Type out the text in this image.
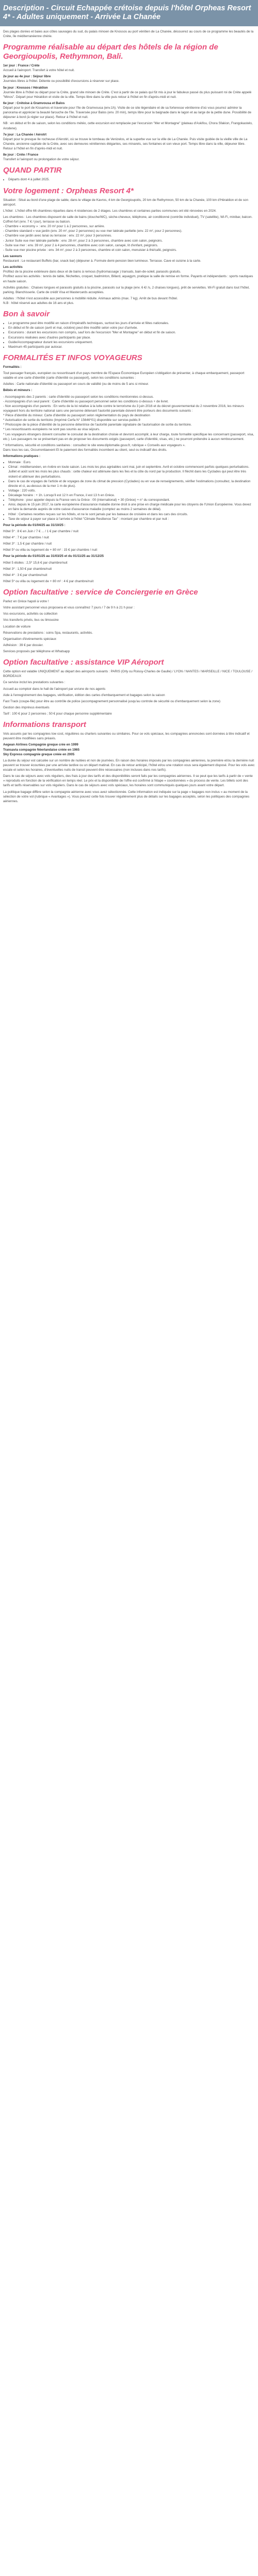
Description - Circuit Echappée crétoise depuis l'hôtel Orpheas Resort 4* - Adultes uniquement - Arrivée La Chanée

Des plages dorées et baies aux côtes sauvages du sud, du palais minoen de Knossos au port vénitien de La Chanée, découvrez au cours de ce programme les beautés de la Crète, île méditerranéenne chérie.

Programme réalisable au départ des hôtels de la région de Georgioupolis, Rethymnon, Bali.

1er jour : France / Crète
Accueil à l'aéroport. Transfert à votre hôtel et nuit.

2e jour au 4e jour : Séjour libre
Journées libres à l'hôtel. Détente ou possibilité d'excursions à réserver sur place.

5e jour : Knossos / Héraklion
Journée libre à l'hôtel ou départ pour la Crète, grand site minoen de Crète. C'est à partir de ce palais qui fût mis à jour le fabuleux passé du plus puissant roi de Crète appelé "Minos". Départ pour Héraklion et visite de la ville. Temps libre dans la ville puis retour à l'hôtel en fin d'après-midi et nuit.

6e jour : Crétoise à Gramvousa et Balos
Départ pour le port de Kissamos et traversée pour l'île de Gramvousa (env.1h). Visite de ce site légendaire et de sa forteresse vénitienne d'où vous pourrez admirer la panorama et apprécier la beauté farouche de l'île. Traversée pour Balos (env. 20 min), temps libre pour la baignade dans le lagon et au large de la petite dune. Possibilité de déjeuner à bord (à régler sur place). Retour à l'hôtel et nuit.

NB : en début et fin de saison, selon les conditions météo, cette excursion est remplacée par l'excursion "Mer et Montagne" (plateau d'Askifou, Chora Sfakion, Frangokastelo, Arodene).

7e jour : La Chanée / Aérotrt
Départ pour le presque Ile rocheuse d'Akrotiri, où se trouve le tombeau de Venizelos, et la superbe vue sur la ville de La Chanée. Puis visite guidée de la vieille ville de La Chanée, ancienne capitale de la Crète, avec ses demeures vénitiennes élégantes, ses minarets, ses fontaines et son vieux port. Temps libre dans la ville, déjeuner libre. Retour à l'hôtel en fin d'après-midi et nuit.

8e jour : Crète / France
Transfert à l'aéroport ou prolongation de votre séjour.

QUAND PARTIR
• Départs dont 4 à juillet 2025.
Votre logement : Orpheas Resort 4*

Situation : Situé au bord d'une plage de sable, dans le village de Kavros, 4 km de Georgioupolis, 20 km de Rethymnon, 50 km de la Chanée, 100 km d'Héraklion et de son aéroport.

L'hôtel : L'hôtel offre 66 chambres réparties dans 4 résidences de 2 étages. Les chambres et certaines parties communes ont été rénovées en 2024.

Les chambres : Les chambres disposent de salle de bains (douche/WC), sèche-cheveux, téléphone, air conditionné (contrôle individuel), TV (satellite), Wi-Fi, minibar, balcon. Coffret-fort (env. 7 € / jour), terrasse ou balcon.
- Chambre « economy » : env. 20 m² pour 1 à 2 personnes, sur arrière.
- Chambre standard « vue jardin (env. 20 m², pour 2 personnes) ou vue mer latérale partielle (env. 22 m², pour 2 personnes).
- Chambre vue jardin avec lanai ou terrasse : env. 22 m², pour 3 personnes.
- Junior Suite vue mer latérale partielle : env. 28 m², pour 2 à 3 personnes, chambre avec coin salon, peignoirs.
- Suite vue mer : env. 39 m², pour 2 à 4 personnes, chambre avec coin salon, canapé, lit d'enfant, peignoirs.
- Suite vue mer piscine privée : env. 34 m², pour 2 à 3 personnes, chambre et coin salon, menuisier à thé/café, peignoirs.

Les saveurs
Restaurant : Le restaurant Buffets (bar, snack bar) (déjeuner à. Formule demi-pension bien lumineux. Terrasse. Cave et cuisine à la carte.

Les activités
Profitez de la piscine extérieure dans deux et de bains à remous (hydromassage ) transats, bain-de-soleil, parasols gratuits.
Profitez aussi les activités : tennis de table, fléchettes, croquet, badminton, Billard, aquagym, pratique la salle de remise en forme. Payants et indépendants : sports nautiques en haute saison.

Activités gratuites : Chaises longues et parasols gratuits à la piscine, parasols sur la plage (env. 6 €/ /s, 2 chaises longues), prêt de serviettes. Wi-Fi gratuit dans tout l'hôtel, parking. Blanchisserie. Carte de crédit Visa et Mastercards acceptées.

Adultes : l'hôtel n'est accessible aux personnes à mobilité réduite. Animaux admis (max. 7 kg). Arrêt de bus devant l'hôtel.
N.B : hôtel réservé aux adultes de 16 ans et plus.

Bon à savoir
• Le programme peut être modifié en raison d'impératifs techniques, surtout les jours d'arrivée et fêtes nationales.
• En début et fin de saison (avril et mai, octobre) peut être modifié selon votre jour d'arrivée.
• Excursions : durant les excursions non compris, sauf lors de l'excursion "Mer et Montagne" en début et fin de saison.
• Excursions réalisées avec d'autres participants par place.
• Guide/Accompagnateur durant les excursions uniquement.
• Maximum 45 participants par autocar.
FORMALITÉS ET INFOS VOYAGEURS

Formalités :

Tout passager français, européen ou ressortissant d'un pays membre de l'Espace Économique Européen s'obligation de présenter, à chaque embarquement, passeport valable et une carte d'identité (carte d'identité ou passeport), selon les conditions suivantes :

Adultes : Carte nationale d'identité ou passeport en cours de validité (ou de moins de 5 ans si mineur.

Bébés et mineurs :

- Accompagnés des 2 parents : carte d'identité ou passeport selon les conditions mentionnées ci-dessus.
- Accompagnés d'un seul parent : Carte d'identité ou passeport personnel selon les conditions ci-dessus + de livret.
- Non accompagnés d'un parents : En vertu de la loi relative à la lutte contre le terrorisme du 3 juin 2016 et du décret gouvernemental du 2 novembre 2016, les mineurs voyageant hors du territoire national sans une personne détenant l'autorité parentale doivent être porteurs des documents suivants :
* Pièce d'identité du mineur. Carte d'identité ou passeport selon réglementation du pays de destination
* Autorisation de sortie du territoire (Imprimé Cerfa N° 15646*01) disponible sur service-public.fr
* Photocopie de la pièce d'identité de la personne détentrice de l'autorité parentale signataire de l'autorisation de sortie du territoire.
* Les ressortissants européens ne sont pas soumis au visa séjours.
* Les voyageurs étrangers doivent consulter le consulat de la destination choisie et devront accomplir, à leur charge, toute formalité spécifique les concernant (passeport, visa, etc.). Les passagers ne se présentant pas en de proposer les documents exigés (passeport, carte d'identité, visas, etc.) ne pourront prétendre à aucun remboursement.

* Informations, sécurité et conditions sanitaires : consultez le site www.diplomatie.gouv.fr, rubrique « Conseils aux voyageurs ».
Dans tous les cas, Occurrentiaevent Et le paiement des formalités incombent au client, seul ou indicatif des droits.

Informations pratiques :

• Monnaie : Euro.
• Climat : méditerranéen, en rivière en toute saison. Les mois les plus agréables sont mai, juin et septembre. Avril et octobre commencent parfois quelques perturbations. Juillet et août sont les mois les plus chauds : cette chaleur est atténuée dans les îles et la côte du nord par la production. Il fléchit dans les Cyclades qui peut être très violent et atténuer des perturbations.
• Dans le cas de voyages de l'article et de voyages de zone du climat de pression (Cyclades) ou en vue de renseignements, vérifier l'estimations (consultez, la destination directe et ci, au-dessus de la mer 1 m de plus).
• Voltage : 220 volts.
• Décalage horaire : + 1h. Lorsqu'il est 12 h en France, il est 13 h en Grèce.
• Téléphone : pour appeler depuis la France vers la Grèce : 00 (international) + 30 (Grèce) + n° du correspondant.
• Ainsi, depuis le 15 juin 2017, la carte européenne d'assurance maladie donne droit à une prise en charge médicale pour les citoyens de l'Union Européenne. Vous devez en faire la demande auprès de votre caisse d'assurance maladie (comptez au moins 2 semaines de délai).
• Hôtel : Certaines recettes reçues sur les hôtels, et ne le sont jamais par les bateaux de croisière et dans les cars des circuits.
• Taxe de séjour à payer sur place à l'arrivée à l'hôtel "Climate Resilience Tax" : montant par chambre et par nuit :

Pour la période du 01/04/25 au 31/10/25 :

Hôtel 5* : 8 € en Juin / 7 € ... / 1 € par chambre / nuit

Hôtel 4* : 7 € par chambre / nuit

Hôtel 3* : 1,5 € par chambre / nuit

Hôtel 5* ou villa ou logement de + 80 m² : 15 € par chambre / nuit

Pour la période du 01/01/25 au 31/03/25 et du 01/11/25 au 31/12/25

Hôtel 5 étoiles : 2,5* 15,6 € par chambre/nuit

Hôtel 3* : 1,50 € par chambre/nuit

Hôtel 4* : 3 € par chambre/nuit

Hôtel 5* ou villa ou logement de + 80 m² : 4 € par chambre/nuit

Option facultative : service de Conciergerie en Grèce

Parlez en Grèce hapoli à votre !

Votre assistant personnel vous proposera et vous connaîtrez 7 jours / 7 de 9 h à 21 h pour :

Vos excursions, activités ou collection

Vos transferts privés, bus ou limousine

Location de voiture

Réservations de prestations : soins Spa, restaurants, activités.

Organisation d'événements spéciaux

Adhésion : 39 € par dossier.

Services proposés par téléphone et Whatsapp

Option facultative : assistance VIP Aéroport

Cette option est valable UNIQUEMENT au départ des aéroports suivants : PARIS (Orly ou Roissy-Charles de Gaulle) / LYON / NANTES / MARSEILLE / NICE / TOULOUSE / BORDEAUX

Ce service inclut les prestations suivantes :

Accueil au comptoir dans le hall de l'aéroport par un/une de nos agents

Aide à l'enregistrement des bagages, vérification, édition des cartes d'embarquement et bagages selon la saison

Fast Track (coupe-file) pour être au contrôle de police (accompagnement personnalisé jusqu'au controle de sécurité ou d'embarquement selon la zone)

Gestion des imprévus éventuels

Tarif : 100 € pour 2 personnes ; 50 € pour chaque personne supplémentaire

Informations transport

Vols assurés par les compagnies low cost, régulières ou charters suivantes ou similaires. Pour ce vols spéciaux, les compagnies annoncées sont données à titre indicatif et peuvent être modifiées sans préavis.

Aegean Airlines Compagnie greque crée en 1999
Transavia compagnie Néerlandaise créée en 1965
Sky Express compagnie greque créée en 2005

La durée du séjour est calculée sur un nombre de nuitées et non de journées. En raison des horaires imposés par les compagnies aériennes, la première et/ou la dernière nuit peuvent se trouver écourtées par une arrivée tardive ou un départ matinal. En cas de retour anticipé, l'hôtel et/ou une rotation vous sera également disposé. Pour les vols avec escale et selon les horaires, d'éventuelles nuits de transit peuvent être nécessaires (non incluses dans nos tarifs).

Dans le cas de séjours avec vols réguliers, des frais à jour des tarifs et des disponibilités seront faits par les compagnies aériennes. Il se peut que les tarifs à partir de « vente » reproduits en fonction de la vérification en temps réel. Le prix et la disponibilité de l'offre est confirmé à l'étape « coordonnées » du process de vente. Les billets sont des tarifs et tarifs réservables sur vols réguliers. Dans le cas de séjours avec vols spéciaux, les horaires sont communiqués quelques jours avant votre départ.

La politique bagage diffère selon la compagnie aérienne avec vous avez sélectionnée. Cette information est indiquée sur la page « bagages non inclus » au moment de la sélection de votre vol (rubrique « Avantages »). Vous pouvez cette fois trouver régulièrement plus de détails sur les bagages acceptés, selon les politiques des compagnies aériennes.
